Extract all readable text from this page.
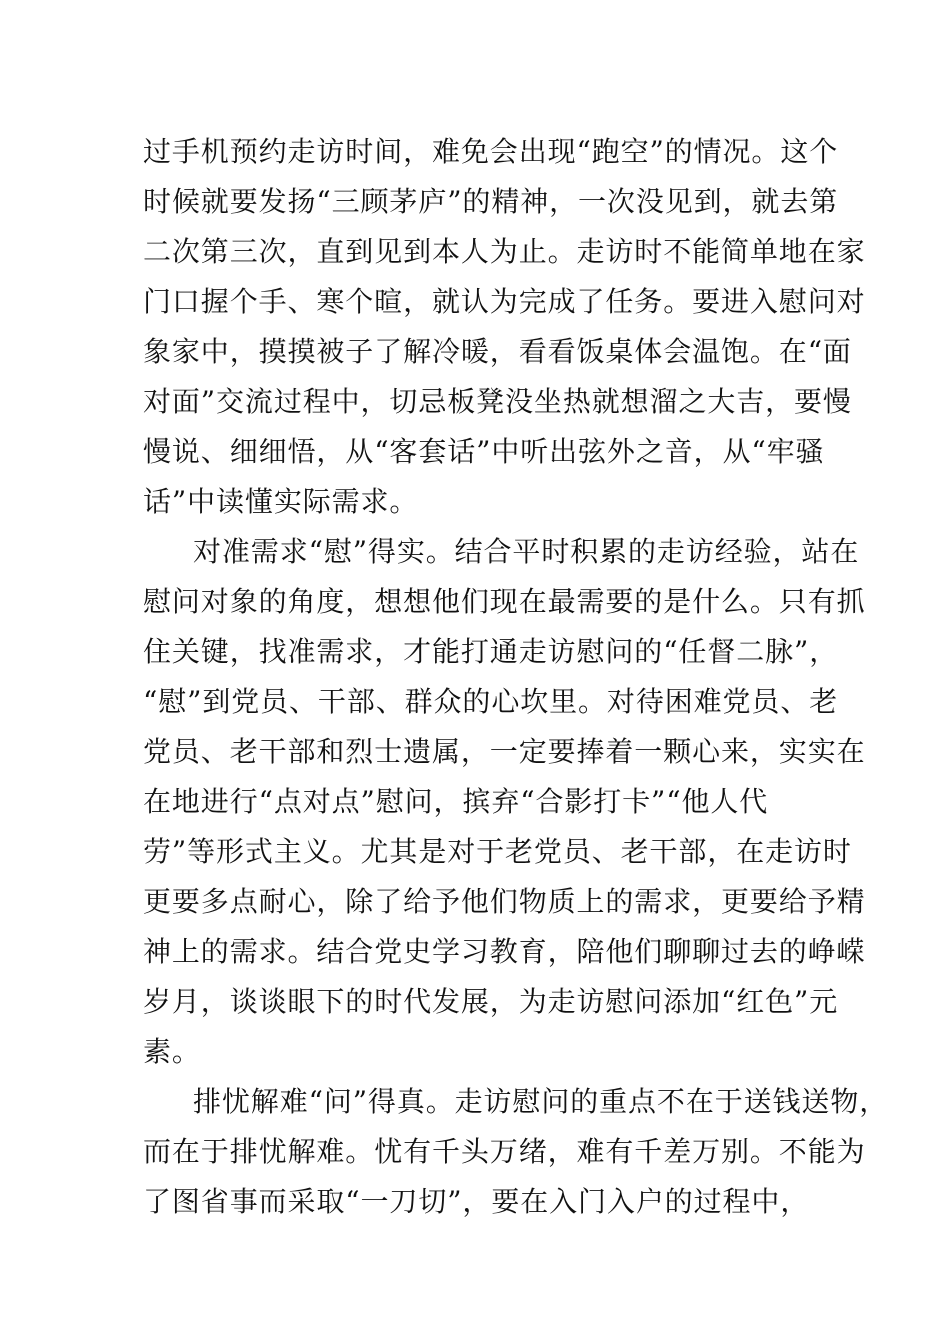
过手机预约走访时间，难免会出现“跑空”的情况。这个
时候就要发扬“三顾茅庐”的精神，一次没见到，就去第
二次第三次，直到见到本人为止。走访时不能简单地在家
门口握个手、寒个暄，就认为完成了任务。要进入慰问对
象家中，摸摸被子了解冷暖，看看饭桌体会温饱。在“面
对面”交流过程中，切忌板凳没坐热就想溜之大吉，要慢
慢说、细细悟，从“客套话”中听出弦外之音，从“牢骚
话”中读懂实际需求。
对准需求“慰”得实。结合平时积累的走访经验，站在
慰问对象的角度，想想他们现在最需要的是什么。只有抓
住关键，找准需求，才能打通走访慰问的“任督二脉”，
“慰”到党员、干部、群众的心坎里。对待困难党员、老
党员、老干部和烈士遗属，一定要捧着一颗心来，实实在
在地进行“点对点”慰问，摈弃“合影打卡”“他人代
劳”等形式主义。尤其是对于老党员、老干部，在走访时
更要多点耐心，除了给予他们物质上的需求，更要给予精
神上的需求。结合党史学习教育，陪他们聊聊过去的峥嵘
岁月，谈谈眼下的时代发展，为走访慰问添加“红色”元
素。
排忧解难“问”得真。走访慰问的重点不在于送钱送物，
而在于排忧解难。忧有千头万绪，难有千差万别。不能为
了图省事而采取“一刀切”，要在入门入户的过程中，
